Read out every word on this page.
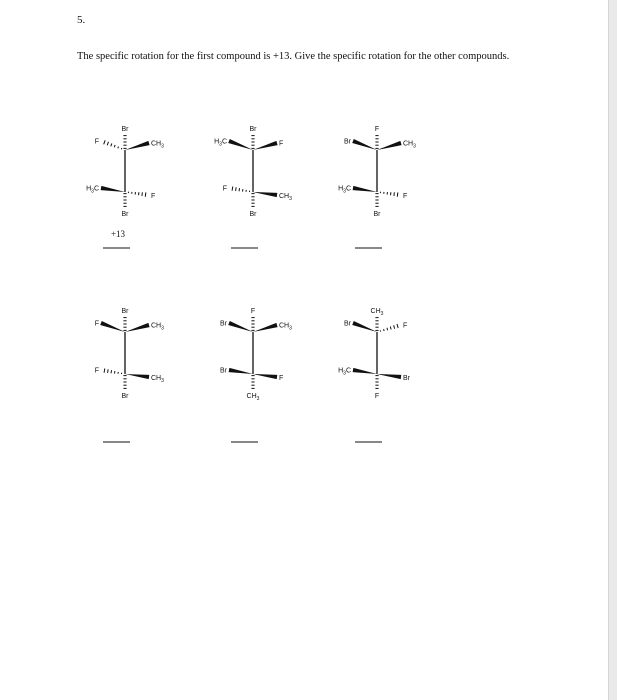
5.
The specific rotation for the first compound is +13. Give the specific rotation for the other compounds.
Br
F	$CH_3$
Br
$H_3C$
F
+13
Br
$H_3C$	F
Br
F
$CH_3$
F
Br	$CH_3$
Br
$H_3C$
F
Br
F	$CH_3$
Br
F
$CH_3$
F
Br	$CH_3$
$CH_3$
Br
F
$CH_3$
Br	F
F
$H_3C$
Br
